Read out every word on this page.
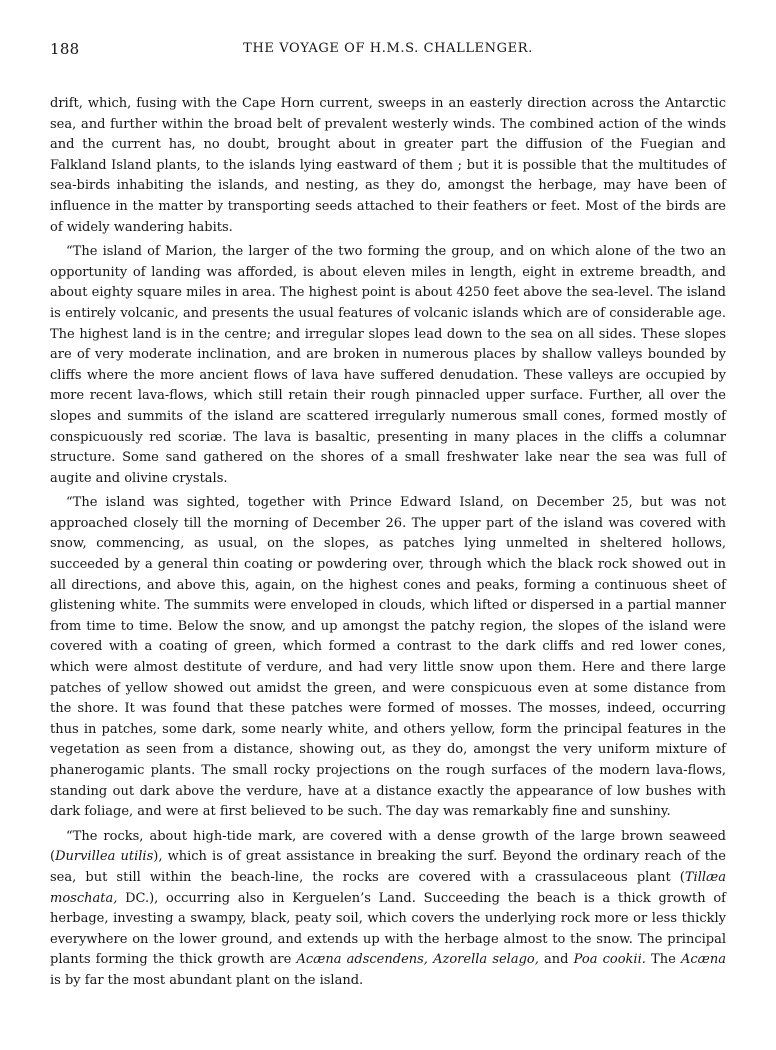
188	THE VOYAGE OF H.M.S. CHALLENGER.

drift, which, fusing with the Cape Horn current, sweeps in an easterly direction across the Antarctic sea, and further within the broad belt of prevalent westerly winds. The combined action of the winds and the current has, no doubt, brought about in greater part the diffusion of the Fuegian and Falkland Island plants, to the islands lying eastward of them ; but it is possible that the multitudes of sea-birds inhabiting the islands, and nesting, as they do, amongst the herbage, may have been of influence in the matter by transporting seeds attached to their feathers or feet. Most of the birds are of widely wandering habits.

“The island of Marion, the larger of the two forming the group, and on which alone of the two an opportunity of landing was afforded, is about eleven miles in length, eight in extreme breadth, and about eighty square miles in area. The highest point is about 4250 feet above the sea-level. The island is entirely volcanic, and presents the usual features of volcanic islands which are of considerable age. The highest land is in the centre; and irregular slopes lead down to the sea on all sides. These slopes are of very moderate inclination, and are broken in numerous places by shallow valleys bounded by cliffs where the more ancient flows of lava have suffered denudation. These valleys are occupied by more recent lava-flows, which still retain their rough pinnacled upper surface. Further, all over the slopes and summits of the island are scattered irregularly numerous small cones, formed mostly of conspicuously red scoriæ. The lava is basaltic, presenting in many places in the cliffs a columnar structure. Some sand gathered on the shores of a small freshwater lake near the sea was full of augite and olivine crystals.

“The island was sighted, together with Prince Edward Island, on December 25, but was not approached closely till the morning of December 26. The upper part of the island was covered with snow, commencing, as usual, on the slopes, as patches lying unmelted in sheltered hollows, succeeded by a general thin coating or powdering over, through which the black rock showed out in all directions, and above this, again, on the highest cones and peaks, forming a continuous sheet of glistening white. The summits were enveloped in clouds, which lifted or dispersed in a partial manner from time to time. Below the snow, and up amongst the patchy region, the slopes of the island were covered with a coating of green, which formed a contrast to the dark cliffs and red lower cones, which were almost destitute of verdure, and had very little snow upon them. Here and there large patches of yellow showed out amidst the green, and were conspicuous even at some distance from the shore. It was found that these patches were formed of mosses. The mosses, indeed, occurring thus in patches, some dark, some nearly white, and others yellow, form the principal features in the vegetation as seen from a distance, showing out, as they do, amongst the very uniform mixture of phanerogamic plants. The small rocky projections on the rough surfaces of the modern lava-flows, standing out dark above the verdure, have at a distance exactly the appearance of low bushes with dark foliage, and were at first believed to be such. The day was remarkably fine and sunshiny.

“The rocks, about high-tide mark, are covered with a dense growth of the large brown seaweed (Durvillea utilis), which is of great assistance in breaking the surf. Beyond the ordinary reach of the sea, but still within the beach-line, the rocks are covered with a crassulaceous plant (Tillæa moschata, DC.), occurring also in Kerguelen’s Land. Succeeding the beach is a thick growth of herbage, investing a swampy, black, peaty soil, which covers the underlying rock more or less thickly everywhere on the lower ground, and extends up with the herbage almost to the snow. The principal plants forming the thick growth are Acæna adscendens, Azorella selago, and Poa cookii. The Acæna is by far the most abundant plant on the island.
